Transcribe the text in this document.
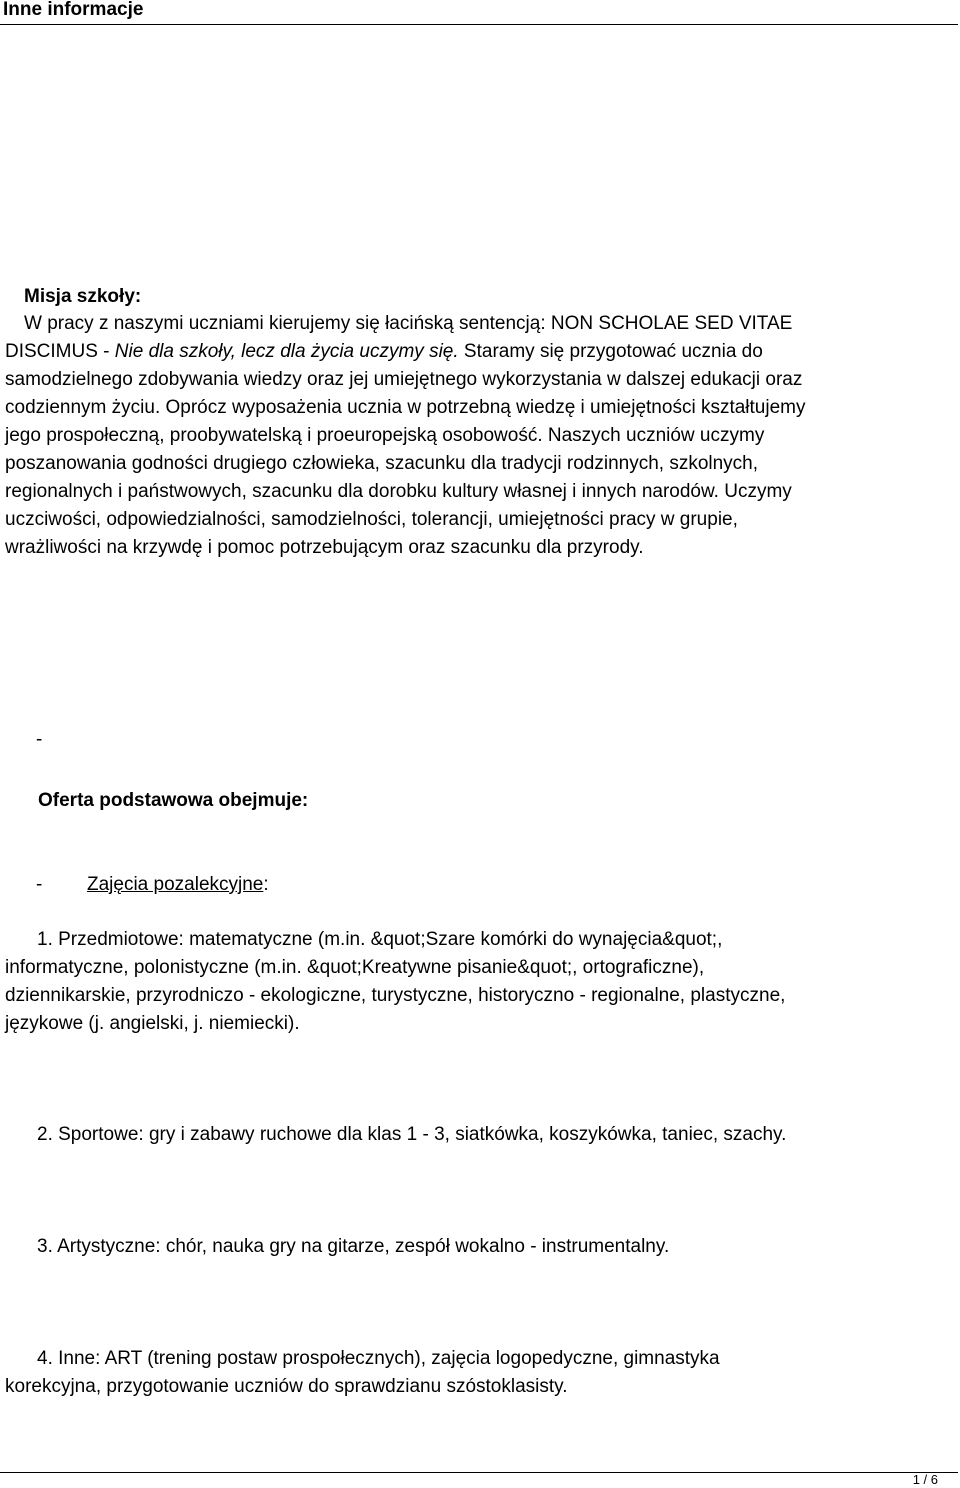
Inne informacje
Misja szkoły:
W pracy z naszymi uczniami kierujemy się łacińską sentencją: NON SCHOLAE SED VITAE
DISCIMUS - Nie dla szkoły, lecz dla życia uczymy się. Staramy się przygotować ucznia do
samodzielnego zdobywania wiedzy oraz jej umiejętnego wykorzystania w dalszej edukacji oraz
codziennym życiu. Oprócz wyposażenia ucznia w potrzebną wiedzę i umiejętności kształtujemy
jego prospołeczną, proobywatelską i proeuropejską osobowość. Naszych uczniów uczymy
poszanowania godności drugiego człowieka, szacunku dla tradycji rodzinnych, szkolnych,
regionalnych i państwowych, szacunku dla dorobku kultury własnej i innych narodów. Uczymy
uczciwości, odpowiedzialności, samodzielności, tolerancji, umiejętności pracy w grupie,
wrażliwości na krzywdę i pomoc potrzebującym oraz szacunku dla przyrody.
-
Oferta podstawowa obejmuje:
- Zajęcia pozalekcyjne:
1. Przedmiotowe: matematyczne (m.in. &quot;Szare komórki do wynajęcia&quot;,
informatyczne, polonistyczne (m.in. &quot;Kreatywne pisanie&quot;, ortograficzne),
dziennikarskie, przyrodniczo - ekologiczne, turystyczne, historyczno - regionalne, plastyczne,
językowe (j. angielski, j. niemiecki).
2. Sportowe: gry i zabawy ruchowe dla klas 1 - 3, siatkówka, koszykówka, taniec, szachy.
3. Artystyczne: chór, nauka gry na gitarze, zespół wokalno - instrumentalny.
4. Inne: ART (trening postaw prospołecznych), zajęcia logopedyczne, gimnastyka
korekcyjna, przygotowanie uczniów do sprawdzianu szóstoklasisty.
1 / 6
